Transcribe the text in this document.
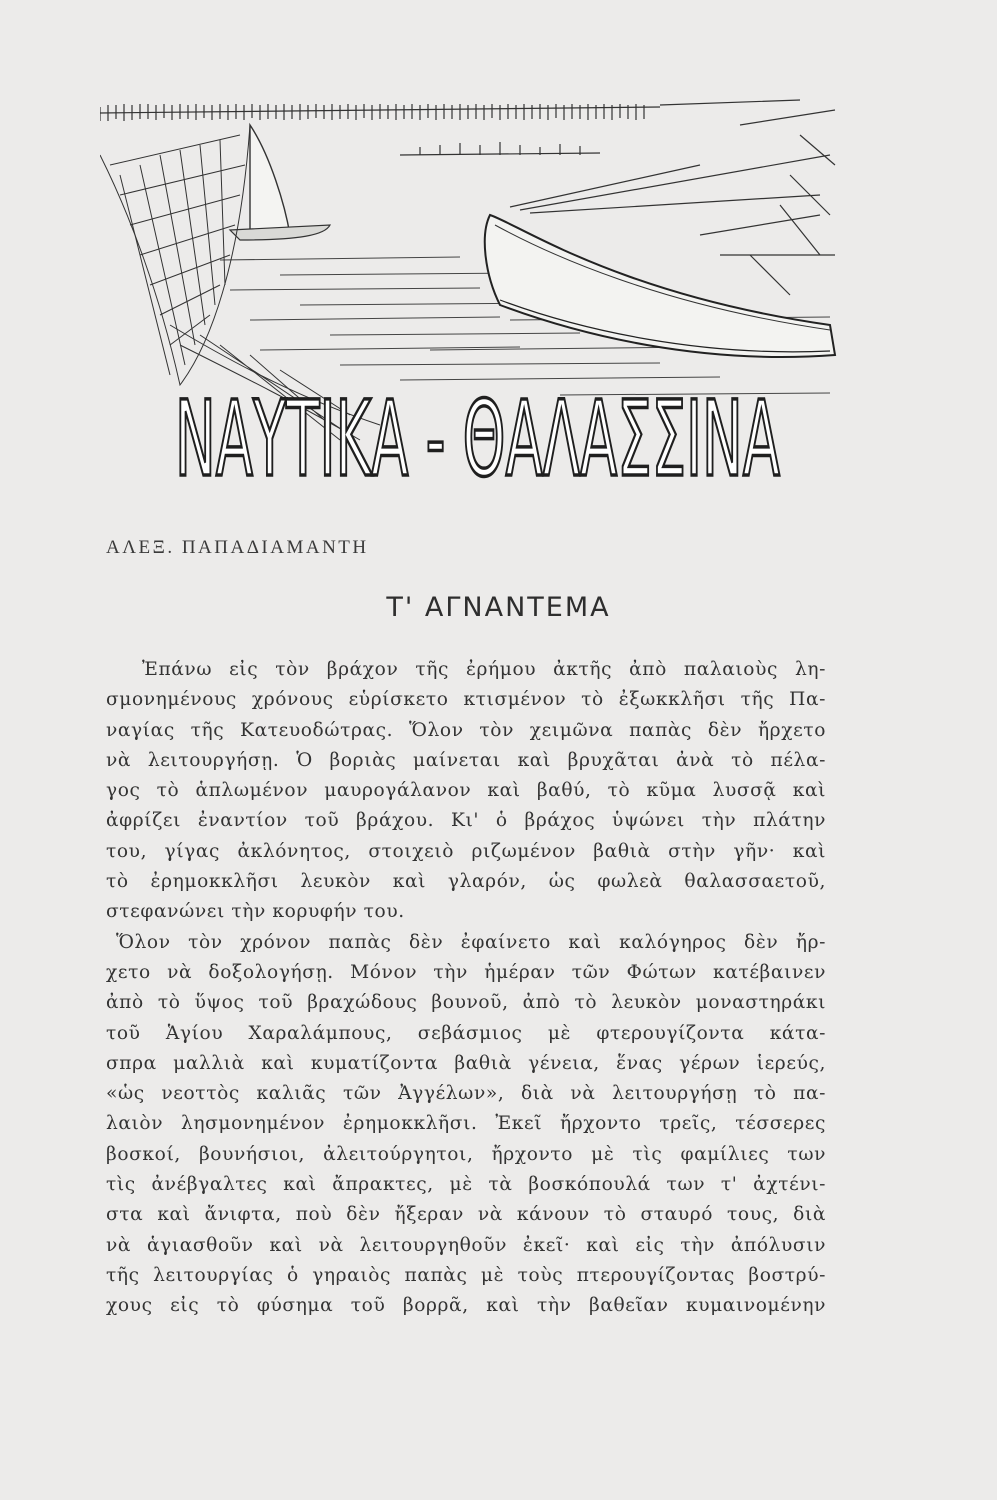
ΝΑΥΤΙΚΑ - ΘΑΛΑΣΣΙΝΑ
ΑΛΕΞ. ΠΑΠΑΔΙΑΜΑΝΤΗ
Τ' ΑΓΝΑΝΤΕΜΑ
Ἐπάνω εἰς τὸν βράχον τῆς ἐρήμου ἀκτῆς ἀπὸ παλαιοὺς λη-
σμονημένους χρόνους εὑρίσκετο κτισμένον τὸ ἐξωκκλῆσι τῆς Πα-
ναγίας τῆς Κατευοδώτρας. Ὅλον τὸν χειμῶνα παπὰς δὲν ἤρχετο
νὰ λειτουργήσῃ. Ὁ βοριὰς μαίνεται καὶ βρυχᾶται ἀνὰ τὸ πέλα-
γος τὸ ἁπλωμένον μαυρογάλανον καὶ βαθύ, τὸ κῦμα λυσσᾷ καὶ
ἀφρίζει ἐναντίον τοῦ βράχου. Κι' ὁ βράχος ὑψώνει τὴν πλάτην
του, γίγας ἀκλόνητος, στοιχειὸ ριζωμένον βαθιὰ στὴν γῆν· καὶ
τὸ ἐρημοκκλῆσι λευκὸν καὶ γλαρόν, ὡς φωλεὰ θαλασσαετοῦ,
στεφανώνει τὴν κορυφήν του.
Ὅλον τὸν χρόνον παπὰς δὲν ἐφαίνετο καὶ καλόγηρος δὲν ἤρ-
χετο νὰ δοξολογήσῃ. Μόνον τὴν ἡμέραν τῶν Φώτων κατέβαινεν
ἀπὸ τὸ ὕψος τοῦ βραχώδους βουνοῦ, ἀπὸ τὸ λευκὸν μοναστηράκι
τοῦ Ἁγίου Χαραλάμπους, σεβάσμιος μὲ φτερουγίζοντα κάτα-
σπρα μαλλιὰ καὶ κυματίζοντα βαθιὰ γένεια, ἕνας γέρων ἱερεύς,
«ὡς νεοττὸς καλιᾶς τῶν Ἀγγέλων», διὰ νὰ λειτουργήσῃ τὸ πα-
λαιὸν λησμονημένον ἐρημοκκλῆσι. Ἐκεῖ ἤρχοντο τρεῖς, τέσσερες
βοσκοί, βουνήσιοι, ἀλειτούργητοι, ἤρχοντο μὲ τὶς φαμίλιες των
τὶς ἀνέβγαλτες καὶ ἄπρακτες, μὲ τὰ βοσκόπουλά των τ' ἀχτένι-
στα καὶ ἄνιφτα, ποὺ δὲν ἤξεραν νὰ κάνουν τὸ σταυρό τους, διὰ
νὰ ἁγιασθοῦν καὶ νὰ λειτουργηθοῦν ἐκεῖ· καὶ εἰς τὴν ἀπόλυσιν
τῆς λειτουργίας ὁ γηραιὸς παπὰς μὲ τοὺς πτερουγίζοντας βοστρύ-
χους εἰς τὸ φύσημα τοῦ βορρᾶ, καὶ τὴν βαθεῖαν κυμαινομένην
